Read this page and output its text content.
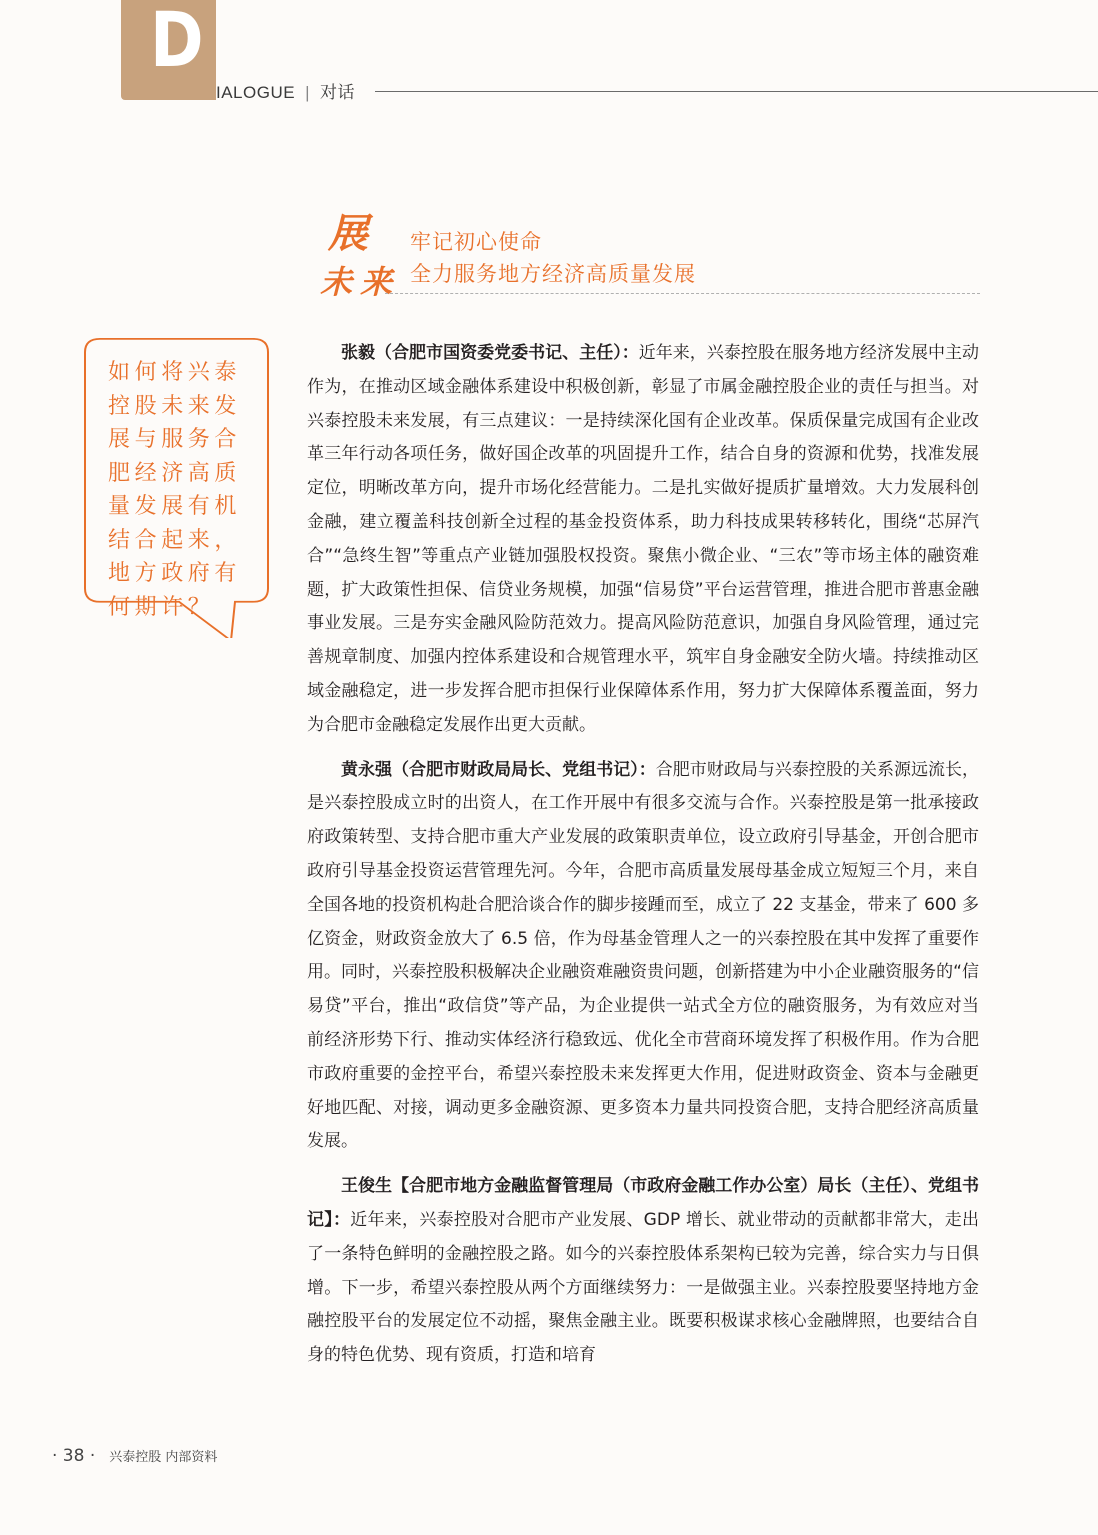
D
IALOGUE | 对话
展
未来
牢记初心使命
全力服务地方经济高质量发展
如何将兴泰控股未来发展与服务合肥经济高质量发展有机结合起来，地方政府有何期许？

张毅（合肥市国资委党委书记、主任）：近年来，兴泰控股在服务地方经济发展中主动作为，在推动区域金融体系建设中积极创新，彰显了市属金融控股企业的责任与担当。对兴泰控股未来发展，有三点建议：一是持续深化国有企业改革。保质保量完成国有企业改革三年行动各项任务，做好国企改革的巩固提升工作，结合自身的资源和优势，找准发展定位，明晰改革方向，提升市场化经营能力。二是扎实做好提质扩量增效。大力发展科创金融，建立覆盖科技创新全过程的基金投资体系，助力科技成果转移转化，围绕“芯屏汽合”“急终生智”等重点产业链加强股权投资。聚焦小微企业、“三农”等市场主体的融资难题，扩大政策性担保、信贷业务规模，加强“信易贷”平台运营管理，推进合肥市普惠金融事业发展。三是夯实金融风险防范效力。提高风险防范意识，加强自身风险管理，通过完善规章制度、加强内控体系建设和合规管理水平，筑牢自身金融安全防火墙。持续推动区域金融稳定，进一步发挥合肥市担保行业保障体系作用，努力扩大保障体系覆盖面，努力为合肥市金融稳定发展作出更大贡献。

黄永强（合肥市财政局局长、党组书记）：合肥市财政局与兴泰控股的关系源远流长，是兴泰控股成立时的出资人，在工作开展中有很多交流与合作。兴泰控股是第一批承接政府政策转型、支持合肥市重大产业发展的政策职责单位，设立政府引导基金，开创合肥市政府引导基金投资运营管理先河。今年，合肥市高质量发展母基金成立短短三个月，来自全国各地的投资机构赴合肥洽谈合作的脚步接踵而至，成立了 22 支基金，带来了 600 多亿资金，财政资金放大了 6.5 倍，作为母基金管理人之一的兴泰控股在其中发挥了重要作用。同时，兴泰控股积极解决企业融资难融资贵问题，创新搭建为中小企业融资服务的“信易贷”平台，推出“政信贷”等产品，为企业提供一站式全方位的融资服务，为有效应对当前经济形势下行、推动实体经济行稳致远、优化全市营商环境发挥了积极作用。作为合肥市政府重要的金控平台，希望兴泰控股未来发挥更大作用，促进财政资金、资本与金融更好地匹配、对接，调动更多金融资源、更多资本力量共同投资合肥，支持合肥经济高质量发展。

王俊生【合肥市地方金融监督管理局（市政府金融工作办公室）局长（主任）、党组书记】：近年来，兴泰控股对合肥市产业发展、GDP 增长、就业带动的贡献都非常大，走出了一条特色鲜明的金融控股之路。如今的兴泰控股体系架构已较为完善，综合实力与日俱增。下一步，希望兴泰控股从两个方面继续努力：一是做强主业。兴泰控股要坚持地方金融控股平台的发展定位不动摇，聚焦金融主业。既要积极谋求核心金融牌照，也要结合自身的特色优势、现有资质，打造和培育

· 38 · 兴泰控股 内部资料
